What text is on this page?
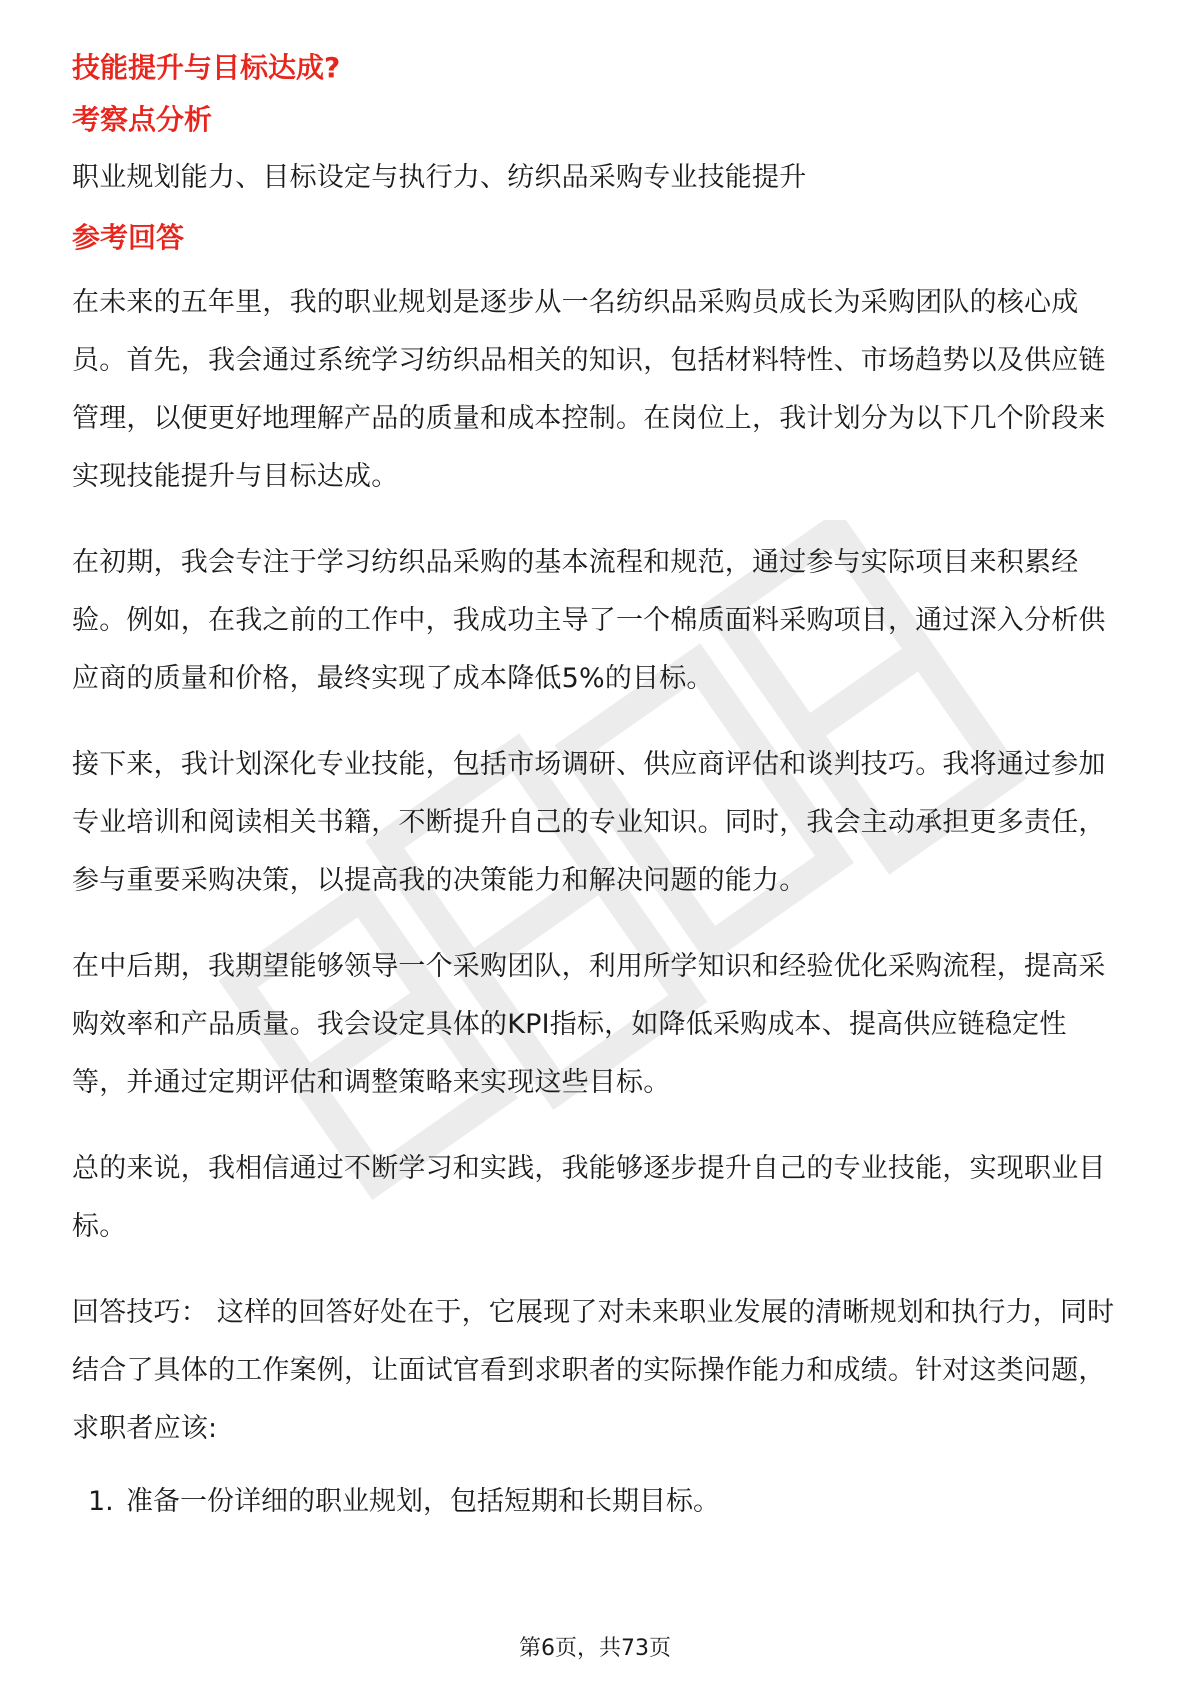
技能提升与目标达成?
考察点分析

职业规划能力、目标设定与执行力、纺织品采购专业技能提升

参考回答

在未来的五年里，我的职业规划是逐步从一名纺织品采购员成长为采购团队的核心成员。首先，我会通过系统学习纺织品相关的知识，包括材料特性、市场趋势以及供应链管理，以便更好地理解产品的质量和成本控制。在岗位上，我计划分为以下几个阶段来实现技能提升与目标达成。

在初期，我会专注于学习纺织品采购的基本流程和规范，通过参与实际项目来积累经验。例如，在我之前的工作中，我成功主导了一个棉质面料采购项目，通过深入分析供应商的质量和价格，最终实现了成本降低5%的目标。

接下来，我计划深化专业技能，包括市场调研、供应商评估和谈判技巧。我将通过参加专业培训和阅读相关书籍，不断提升自己的专业知识。同时，我会主动承担更多责任，参与重要采购决策，以提高我的决策能力和解决问题的能力。

在中后期，我期望能够领导一个采购团队，利用所学知识和经验优化采购流程，提高采购效率和产品质量。我会设定具体的KPI指标，如降低采购成本、提高供应链稳定性等，并通过定期评估和调整策略来实现这些目标。

总的来说，我相信通过不断学习和实践，我能够逐步提升自己的专业技能，实现职业目标。

回答技巧： 这样的回答好处在于，它展现了对未来职业发展的清晰规划和执行力，同时结合了具体的工作案例，让面试官看到求职者的实际操作能力和成绩。针对这类问题，求职者应该:

1. 准备一份详细的职业规划，包括短期和长期目标。
第6页，共73页
